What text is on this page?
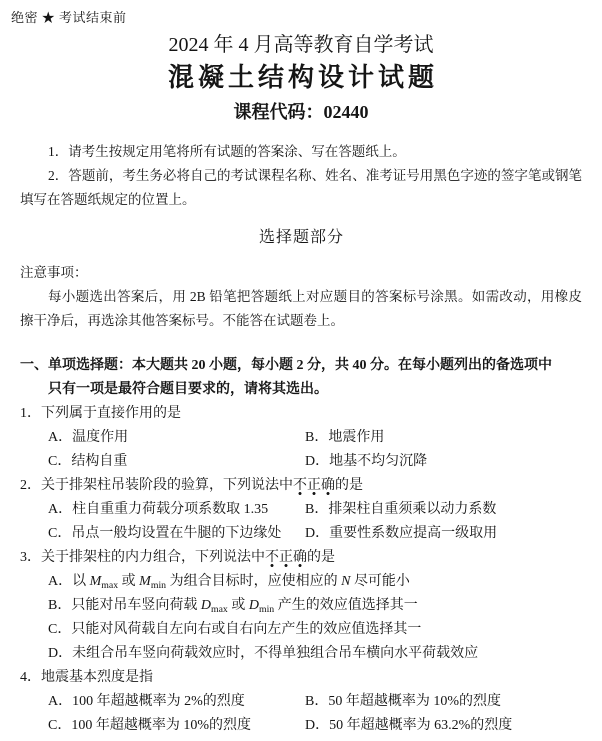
绝密 ★ 考试结束前
2024 年 4 月高等教育自学考试
混凝土结构设计试题
课程代码：02440

1．请考生按规定用笔将所有试题的答案涂、写在答题纸上。

2．答题前，考生务必将自己的考试课程名称、姓名、准考证号用黑色字迹的签字笔或钢笔填写在答题纸规定的位置上。

选择题部分
注意事项：

每小题选出答案后，用 2B 铅笔把答题纸上对应题目的答案标号涂黑。如需改动，用橡皮擦干净后，再选涂其他答案标号。不能答在试题卷上。

一、单项选择题：本大题共 20 小题，每小题 2 分，共 40 分。在每小题列出的备选项中
只有一项是最符合题目要求的，请将其选出。
1．下列属于直接作用的是
A．温度作用	B．地震作用
C．结构自重	D．地基不均匀沉降
2．关于排架柱吊装阶段的验算，下列说法中不正确的是
A．柱自重重力荷载分项系数取 1.35	B．排架柱自重须乘以动力系数
C．吊点一般均设置在牛腿的下边缘处	D．重要性系数应提高一级取用
3．关于排架柱的内力组合，下列说法中不正确的是
A．以 $M_{max}$ 或 $M_{min}$ 为组合目标时，应使相应的 N 尽可能小
B．只能对吊车竖向荷载 $D_{max}$ 或 $D_{min}$ 产生的效应值选择其一
C．只能对风荷载自左向右或自右向左产生的效应值选择其一
D．未组合吊车竖向荷载效应时，不得单独组合吊车横向水平荷载效应
4．地震基本烈度是指
A．100 年超越概率为 2%的烈度	B．50 年超越概率为 10%的烈度
C．100 年超越概率为 10%的烈度	D．50 年超越概率为 63.2%的烈度
